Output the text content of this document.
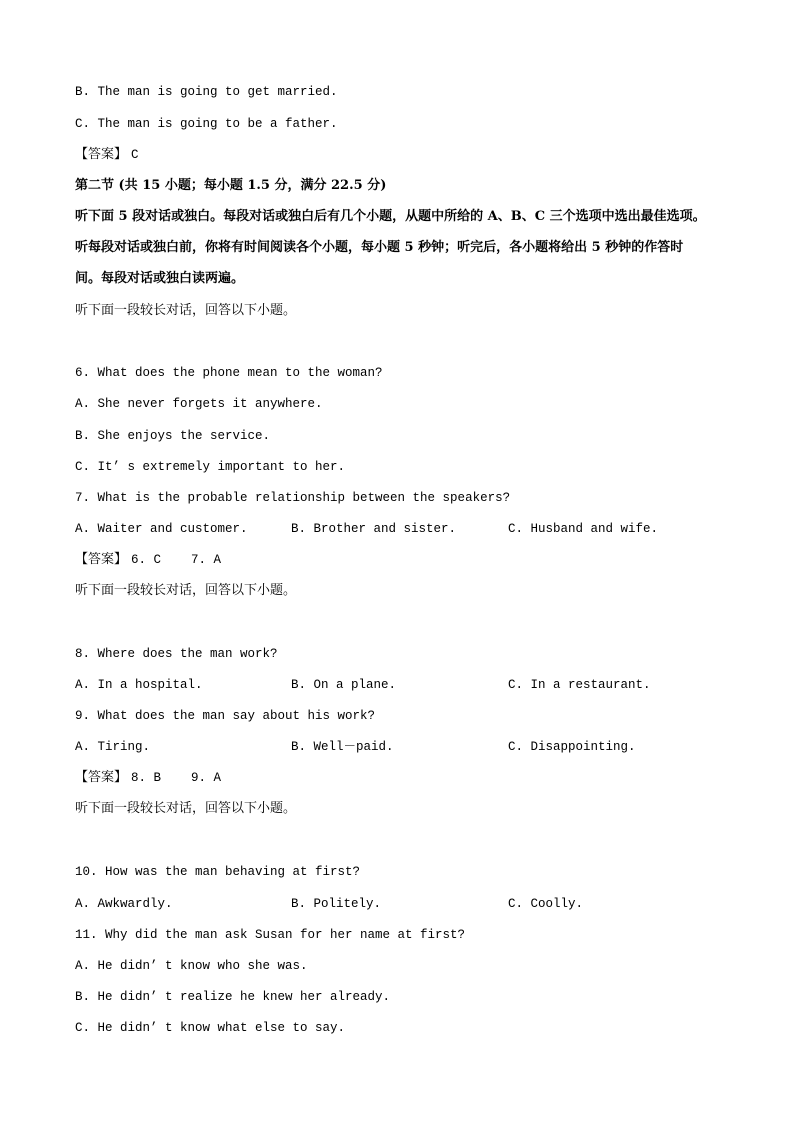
B. The man is going to get married.
C. The man is going to be a father.
【答案】 C
第二节 (共 15 小题；每小题 1.5 分，满分 22.5 分)
听下面 5 段对话或独白。每段对话或独白后有几个小题，从题中所给的 A、B、C 三个选项中选出最佳选项。
听每段对话或独白前，你将有时间阅读各个小题，每小题 5 秒钟；听完后，各小题将给出 5 秒钟的作答时
间。每段对话或独白读两遍。
听下面一段较长对话，回答以下小题。
6. What does the phone mean to the woman?
A. She never forgets it anywhere.
B. She enjoys the service.
C. It’ s extremely important to her.
7. What is the probable relationship between the speakers?
A. Waiter and customer.	B. Brother and sister.	C. Husband and wife.
【答案】 6. C    7. A
听下面一段较长对话，回答以下小题。
8. Where does the man work?
A. In a hospital.	B. On a plane.	C. In a restaurant.
9. What does the man say about his work?
A. Tiring.	B. Well－paid.	C. Disappointing.
【答案】 8. B    9. A
听下面一段较长对话，回答以下小题。
10. How was the man behaving at first?
A. Awkwardly.	B. Politely.	C. Coolly.
11. Why did the man ask Susan for her name at first?
A. He didn’ t know who she was.
B. He didn’ t realize he knew her already.
C. He didn’ t know what else to say.
